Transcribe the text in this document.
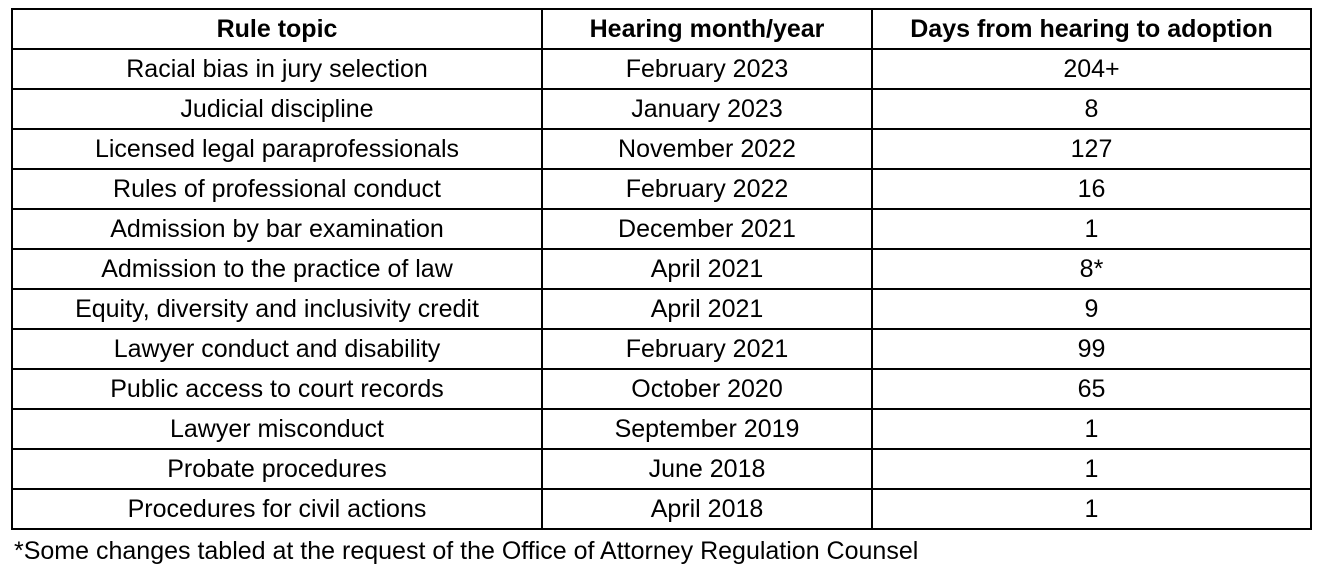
Rule topic	Hearing month/year	Days from hearing to adoption
Racial bias in jury selection	February 2023	204+
Judicial discipline	January 2023	8
Licensed legal paraprofessionals	November 2022	127
Rules of professional conduct	February 2022	16
Admission by bar examination	December 2021	1
Admission to the practice of law	April 2021	8*
Equity, diversity and inclusivity credit	April 2021	9
Lawyer conduct and disability	February 2021	99
Public access to court records	October 2020	65
Lawyer misconduct	September 2019	1
Probate procedures	June 2018	1
Procedures for civil actions	April 2018	1
*Some changes tabled at the request of the Office of Attorney Regulation Counsel
